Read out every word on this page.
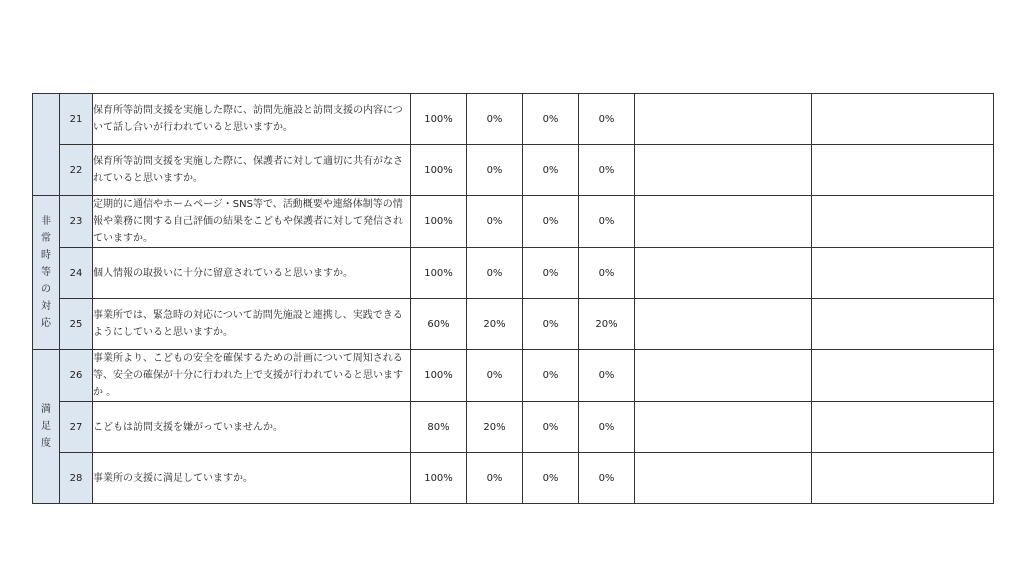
	21	保育所等訪問支援を実施した際に、訪問先施設と訪問支援の内容について話し合いが行われていると思いますか。	100%	0%	0%	0%		
	22	保育所等訪問支援を実施した際に、保護者に対して適切に共有がなされていると思いますか。	100%	0%	0%	0%		
非常時等の対応	23	定期的に通信やホームページ・SNS等で、活動概要や連絡体制等の情報や業務に関する自己評価の結果をこどもや保護者に対して発信されていますか。	100%	0%	0%	0%		
	24	個人情報の取扱いに十分に留意されていると思いますか。	100%	0%	0%	0%		
	25	事業所では、緊急時の対応について訪問先施設と連携し、実践できるようにしていると思いますか。	60%	20%	0%	20%		
満足度	26	事業所より、こどもの安全を確保するための計画について周知される等、安全の確保が十分に行われた上で支援が行われていると思いますか 。	100%	0%	0%	0%		
	27	こどもは訪問支援を嫌がっていませんか。	80%	20%	0%	0%		
	28	事業所の支援に満足していますか。	100%	0%	0%	0%		
